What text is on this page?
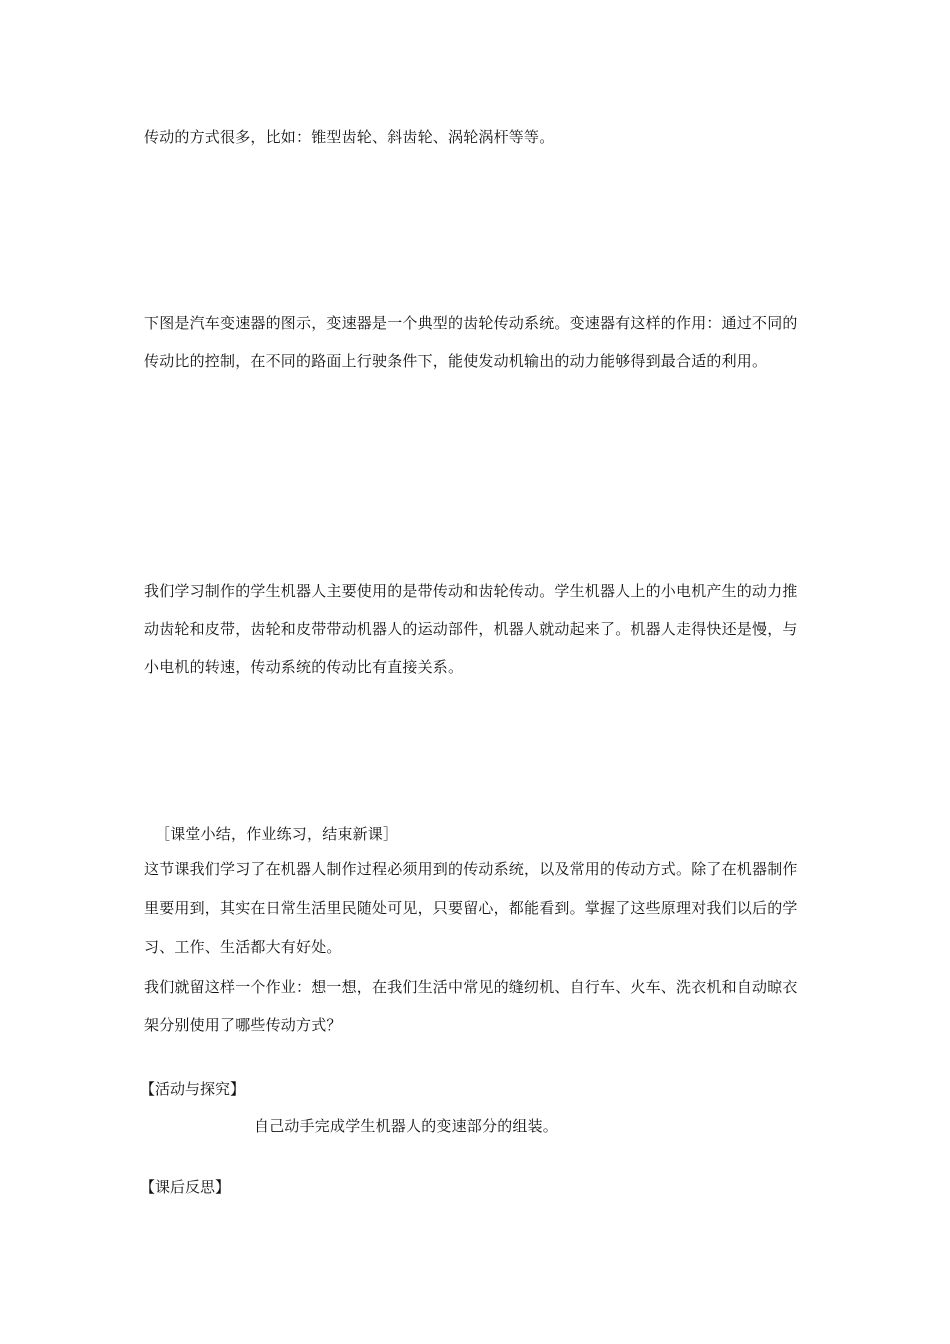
传动的方式很多，比如：锥型齿轮、斜齿轮、涡轮涡杆等等。

下图是汽车变速器的图示，变速器是一个典型的齿轮传动系统。变速器有这样的作用：通过不同的传动比的控制，在不同的路面上行驶条件下，能使发动机输出的动力能够得到最合适的利用。

我们学习制作的学生机器人主要使用的是带传动和齿轮传动。学生机器人上的小电机产生的动力推动齿轮和皮带，齿轮和皮带带动机器人的运动部件，机器人就动起来了。机器人走得快还是慢，与小电机的转速，传动系统的传动比有直接关系。

［课堂小结，作业练习，结束新课］

这节课我们学习了在机器人制作过程必须用到的传动系统，以及常用的传动方式。除了在机器制作里要用到，其实在日常生活里民随处可见，只要留心，都能看到。掌握了这些原理对我们以后的学习、工作、生活都大有好处。

我们就留这样一个作业：想一想，在我们生活中常见的缝纫机、自行车、火车、洗衣机和自动晾衣架分别使用了哪些传动方式？

【活动与探究】

自己动手完成学生机器人的变速部分的组装。

【课后反思】
